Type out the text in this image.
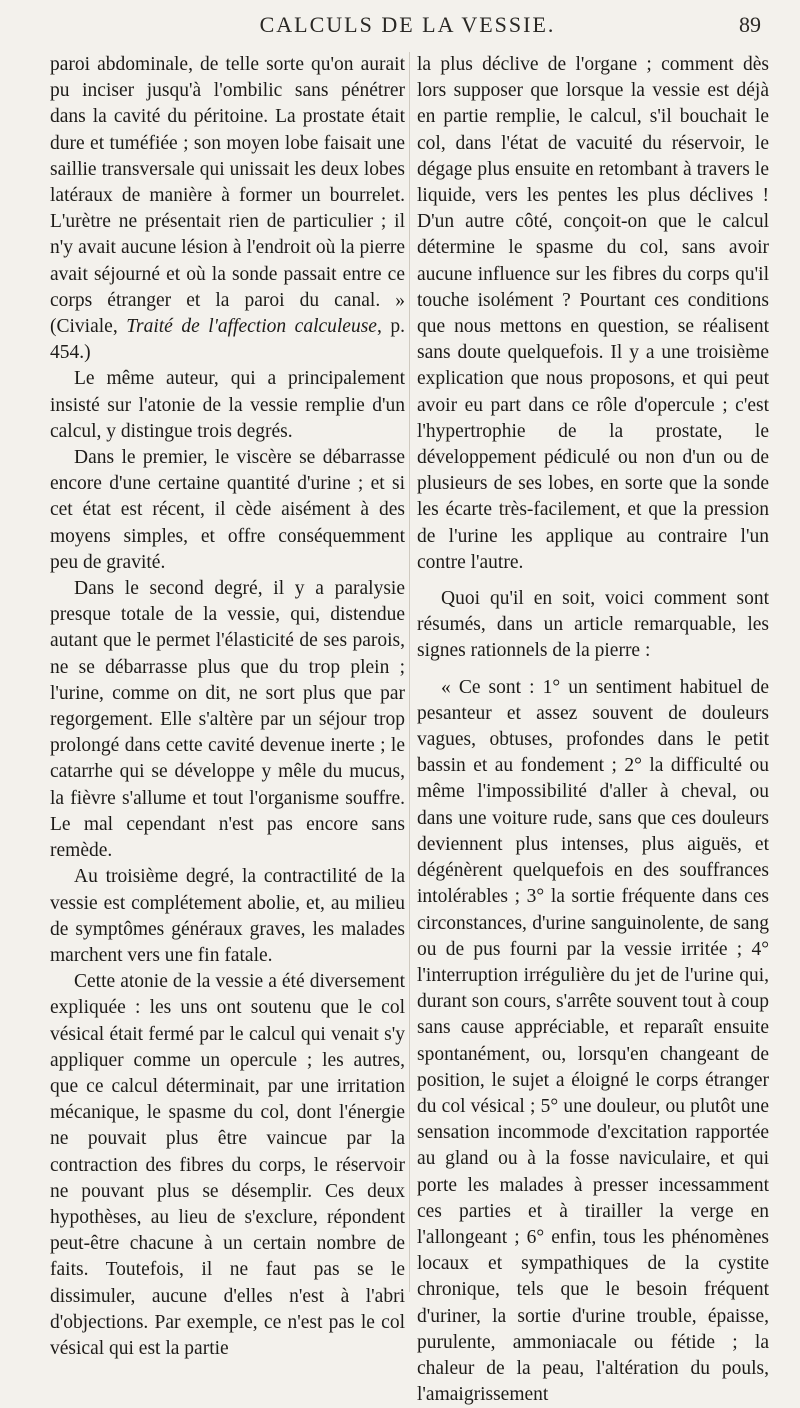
CALCULS DE LA VESSIE.	89

paroi abdominale, de telle sorte qu'on aurait pu inciser jusqu'à l'ombilic sans pénétrer dans la cavité du péritoine. La prostate était dure et tuméfiée ; son moyen lobe faisait une saillie transversale qui unissait les deux lobes latéraux de manière à former un bourrelet. L'urètre ne présentait rien de particulier ; il n'y avait aucune lésion à l'endroit où la pierre avait séjourné et où la sonde passait entre ce corps étranger et la paroi du canal. » (Civiale, Traité de l'affection calculeuse, p. 454.)

Le même auteur, qui a principalement insisté sur l'atonie de la vessie remplie d'un calcul, y distingue trois degrés.

Dans le premier, le viscère se débarrasse encore d'une certaine quantité d'urine ; et si cet état est récent, il cède aisément à des moyens simples, et offre conséquemment peu de gravité.

Dans le second degré, il y a paralysie presque totale de la vessie, qui, distendue autant que le permet l'élasticité de ses parois, ne se débarrasse plus que du trop plein ; l'urine, comme on dit, ne sort plus que par regorgement. Elle s'altère par un séjour trop prolongé dans cette cavité devenue inerte ; le catarrhe qui se développe y mêle du mucus, la fièvre s'allume et tout l'organisme souffre. Le mal cependant n'est pas encore sans remède.

Au troisième degré, la contractilité de la vessie est complétement abolie, et, au milieu de symptômes généraux graves, les malades marchent vers une fin fatale.

Cette atonie de la vessie a été diversement expliquée : les uns ont soutenu que le col vésical était fermé par le calcul qui venait s'y appliquer comme un opercule ; les autres, que ce calcul déterminait, par une irritation mécanique, le spasme du col, dont l'énergie ne pouvait plus être vaincue par la contraction des fibres du corps, le réservoir ne pouvant plus se désemplir. Ces deux hypothèses, au lieu de s'exclure, répondent peut-être chacune à un certain nombre de faits. Toutefois, il ne faut pas se le dissimuler, aucune d'elles n'est à l'abri d'objections. Par exemple, ce n'est pas le col vésical qui est la partie

la plus déclive de l'organe ; comment dès lors supposer que lorsque la vessie est déjà en partie remplie, le calcul, s'il bouchait le col, dans l'état de vacuité du réservoir, le dégage plus ensuite en retombant à travers le liquide, vers les pentes les plus déclives ! D'un autre côté, conçoit-on que le calcul détermine le spasme du col, sans avoir aucune influence sur les fibres du corps qu'il touche isolément ? Pourtant ces conditions que nous mettons en question, se réalisent sans doute quelquefois. Il y a une troisième explication que nous proposons, et qui peut avoir eu part dans ce rôle d'opercule ; c'est l'hypertrophie de la prostate, le développement pédiculé ou non d'un ou de plusieurs de ses lobes, en sorte que la sonde les écarte très-facilement, et que la pression de l'urine les applique au contraire l'un contre l'autre.

Quoi qu'il en soit, voici comment sont résumés, dans un article remarquable, les signes rationnels de la pierre :

« Ce sont : 1° un sentiment habituel de pesanteur et assez souvent de douleurs vagues, obtuses, profondes dans le petit bassin et au fondement ; 2° la difficulté ou même l'impossibilité d'aller à cheval, ou dans une voiture rude, sans que ces douleurs deviennent plus intenses, plus aiguës, et dégénèrent quelquefois en des souffrances intolérables ; 3° la sortie fréquente dans ces circonstances, d'urine sanguinolente, de sang ou de pus fourni par la vessie irritée ; 4° l'interruption irrégulière du jet de l'urine qui, durant son cours, s'arrête souvent tout à coup sans cause appréciable, et reparaît ensuite spontanément, ou, lorsqu'en changeant de position, le sujet a éloigné le corps étranger du col vésical ; 5° une douleur, ou plutôt une sensation incommode d'excitation rapportée au gland ou à la fosse naviculaire, et qui porte les malades à presser incessamment ces parties et à tirailler la verge en l'allongeant ; 6° enfin, tous les phénomènes locaux et sympathiques de la cystite chronique, tels que le besoin fréquent d'uriner, la sortie d'urine trouble, épaisse, purulente, ammoniacale ou fétide ; la chaleur de la peau, l'altération du pouls, l'amaigrissement
